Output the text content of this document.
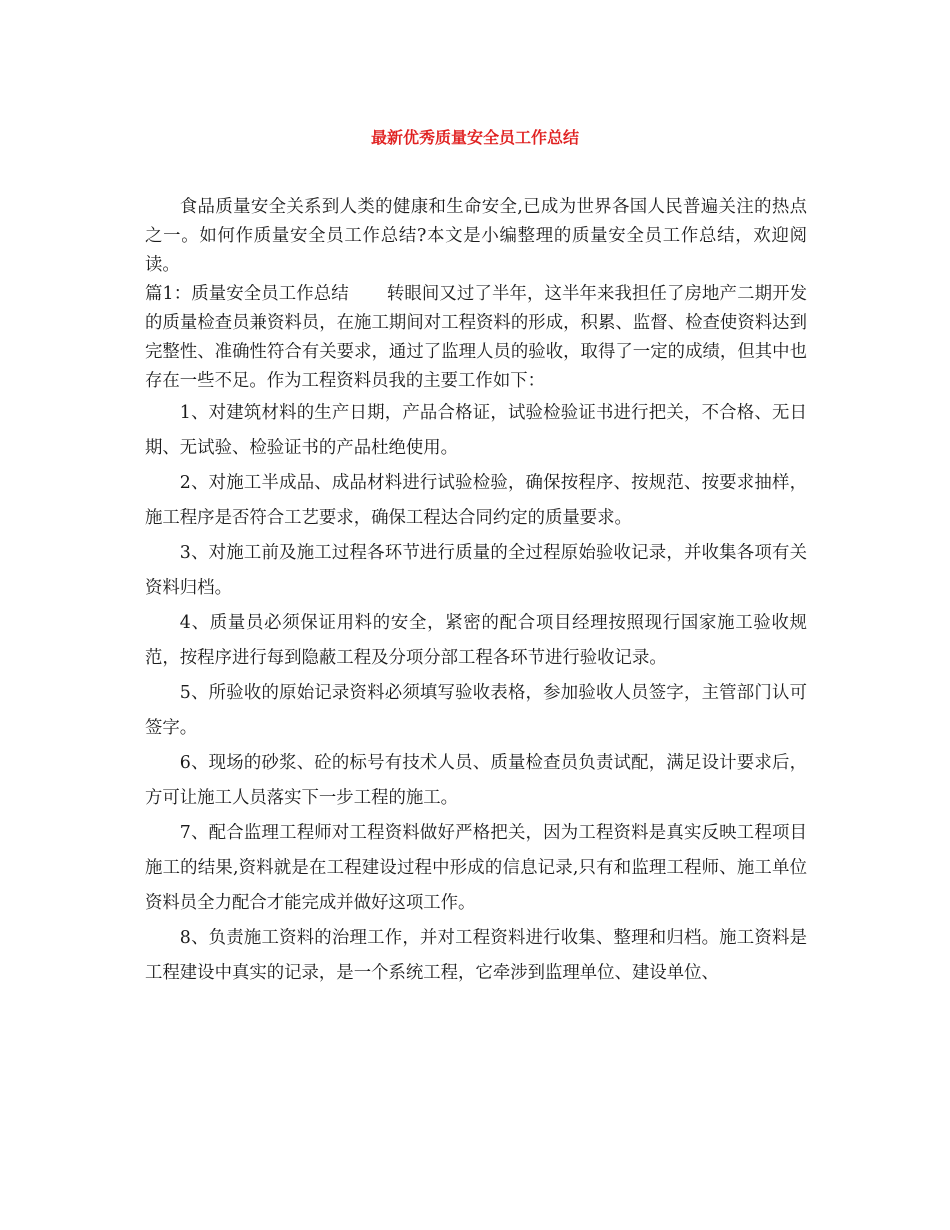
最新优秀质量安全员工作总结

食品质量安全关系到人类的健康和生命安全,已成为世界各国人民普遍关注的热点之一。如何作质量安全员工作总结?本文是小编整理的质量安全员工作总结，欢迎阅读。

篇1：质量安全员工作总结 转眼间又过了半年，这半年来我担任了房地产二期开发的质量检查员兼资料员，在施工期间对工程资料的形成，积累、监督、检查使资料达到完整性、准确性符合有关要求，通过了监理人员的验收，取得了一定的成绩，但其中也存在一些不足。作为工程资料员我的主要工作如下：

1、对建筑材料的生产日期，产品合格证，试验检验证书进行把关，不合格、无日期、无试验、检验证书的产品杜绝使用。

2、对施工半成品、成品材料进行试验检验，确保按程序、按规范、按要求抽样，施工程序是否符合工艺要求，确保工程达合同约定的质量要求。

3、对施工前及施工过程各环节进行质量的全过程原始验收记录，并收集各项有关资料归档。

4、质量员必须保证用料的安全，紧密的配合项目经理按照现行国家施工验收规范，按程序进行每到隐蔽工程及分项分部工程各环节进行验收记录。

5、所验收的原始记录资料必须填写验收表格，参加验收人员签字，主管部门认可签字。

6、现场的砂浆、砼的标号有技术人员、质量检查员负责试配，满足设计要求后，方可让施工人员落实下一步工程的施工。

7、配合监理工程师对工程资料做好严格把关，因为工程资料是真实反映工程项目施工的结果,资料就是在工程建设过程中形成的信息记录,只有和监理工程师、施工单位资料员全力配合才能完成并做好这项工作。

8、负责施工资料的治理工作，并对工程资料进行收集、整理和归档。施工资料是工程建设中真实的记录，是一个系统工程，它牵涉到监理单位、建设单位、
